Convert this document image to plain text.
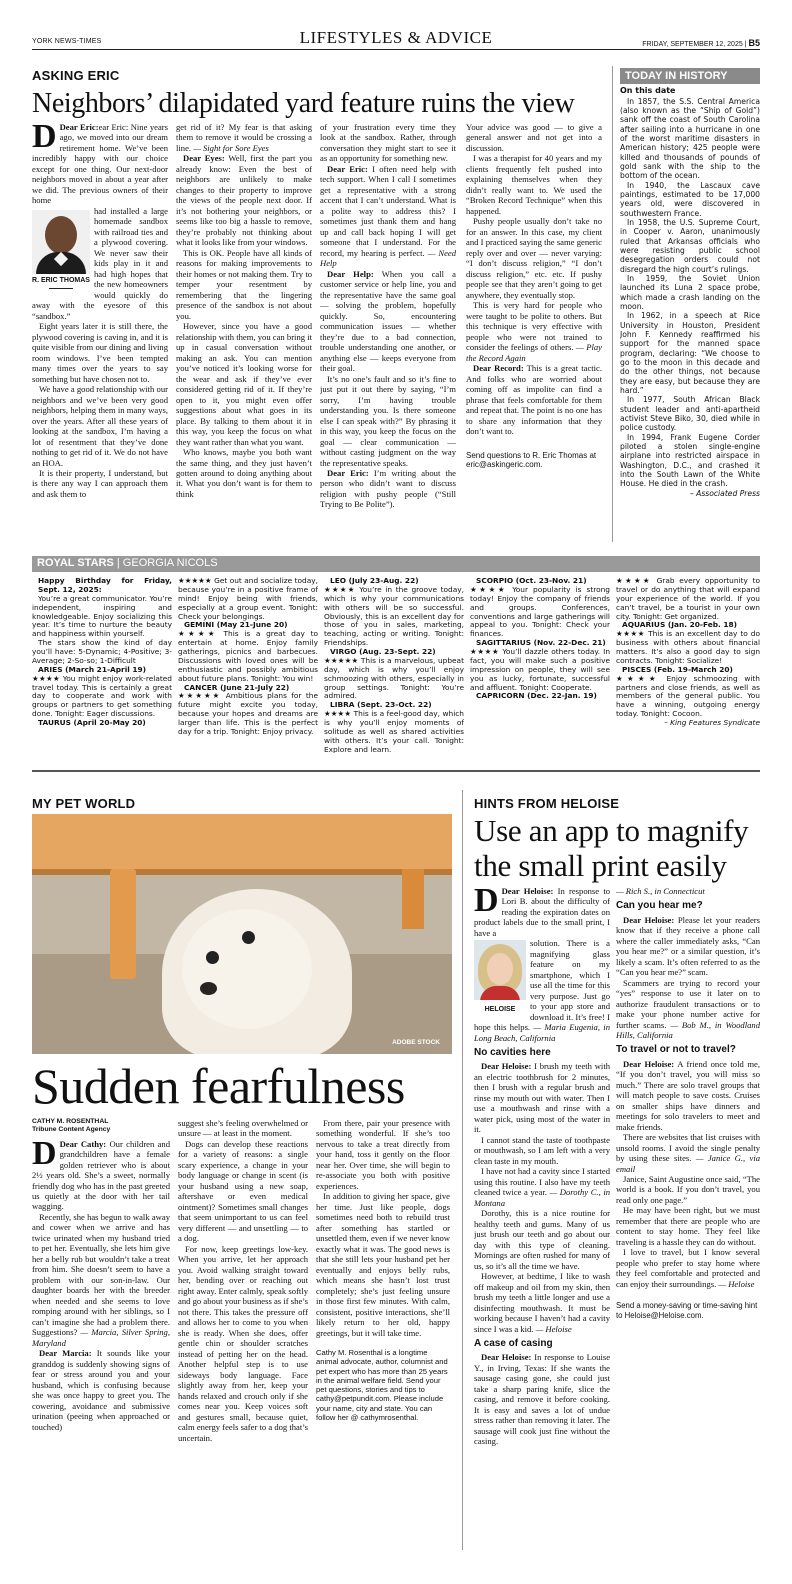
YORK NEWS-TIMES	LIFESTYLES & ADVICE	FRIDAY, SEPTEMBER 12, 2025 | B5
ASKING ERIC
Neighbors’ dilapidated yard feature ruins the view

D Dear Eric:ear Eric: Nine years ago, we moved into our dream retirement home. We’ve been incredibly happy with our choice except for one thing. Our next-door neighbors moved in about a year after we did. The previous owners of their home

R. ERIC THOMAS

had installed a large homemade sandbox with railroad ties and a plywood covering. We never saw their kids play in it and had high hopes that the new homeowners would quickly do away with the eyesore of this “sandbox.”

Eight years later it is still there, the plywood covering is caving in, and it is quite visible from our dining and living room windows. I’ve been tempted many times over the years to say something but have chosen not to.

We have a good relationship with our neighbors and we’ve been very good neighbors, helping them in many ways, over the years. After all these years of looking at the sandbox, I’m having a lot of resentment that they’ve done nothing to get rid of it. We do not have an HOA.

It is their property, I understand, but is there any way I can approach them and ask them to

get rid of it? My fear is that asking them to remove it would be crossing a line. — Sight for Sore Eyes

Dear Eyes: Well, first the part you already know: Even the best of neighbors are unlikely to make changes to their property to improve the views of the people next door. If it’s not bothering your neighbors, or seems like too big a hassle to remove, they’re probably not thinking about what it looks like from your windows.

This is OK. People have all kinds of reasons for making improvements to their homes or not making them. Try to temper your resentment by remembering that the lingering presence of the sandbox is not about you.

However, since you have a good relationship with them, you can bring it up in casual conversation without making an ask. You can mention you’ve noticed it’s looking worse for the wear and ask if they’ve ever considered getting rid of it. If they’re open to it, you might even offer suggestions about what goes in its place. By talking to them about it in this way, you keep the focus on what they want rather than what you want.

Who knows, maybe you both want the same thing, and they just haven’t gotten around to doing anything about it. What you don’t want is for them to think

of your frustration every time they look at the sandbox. Rather, through conversation they might start to see it as an opportunity for something new.

Dear Eric: I often need help with tech support. When I call I sometimes get a representative with a strong accent that I can’t understand. What is a polite way to address this? I sometimes just thank them and hang up and call back hoping I will get someone that I understand. For the record, my hearing is perfect. — Need Help

Dear Help: When you call a customer service or help line, you and the representative have the same goal — solving the problem, hopefully quickly. So, encountering communication issues — whether they’re due to a bad connection, trouble understanding one another, or anything else — keeps everyone from their goal.

It’s no one’s fault and so it’s fine to just put it out there by saying, “I’m sorry, I’m having trouble understanding you. Is there someone else I can speak with?” By phrasing it in this way, you keep the focus on the goal — clear communication — without casting judgment on the way the representative speaks.

Dear Eric: I’m writing about the person who didn’t want to discuss religion with pushy people (“Still Trying to Be Polite”).

Your advice was good — to give a general answer and not get into a discussion.

I was a therapist for 40 years and my clients frequently felt pushed into explaining themselves when they didn’t really want to. We used the “Broken Record Technique” when this happened.

Pushy people usually don’t take no for an answer. In this case, my client and I practiced saying the same generic reply over and over — never varying: “I don’t discuss religion,” “I don’t discuss religion,” etc. etc. If pushy people see that they aren’t going to get anywhere, they eventually stop.

This is very hard for people who were taught to be polite to others. But this technique is very effective with people who were not trained to consider the feelings of others. — Play the Record Again

Dear Record: This is a great tactic. And folks who are worried about coming off as impolite can find a phrase that feels comfortable for them and repeat that. The point is no one has to share any information that they don’t want to.

Send questions to R. Eric Thomas at eric@askingeric.com.

TODAY IN HISTORY
On this date

In 1857, the S.S. Central America (also known as the “Ship of Gold”) sank off the coast of South Carolina after sailing into a hurricane in one of the worst maritime disasters in American history; 425 people were killed and thousands of pounds of gold sank with the ship to the bottom of the ocean.

In 1940, the Lascaux cave paintings, estimated to be 17,000 years old, were discovered in southwestern France.

In 1958, the U.S. Supreme Court, in Cooper v. Aaron, unanimously ruled that Arkansas officials who were resisting public school desegregation orders could not disregard the high court’s rulings.

In 1959, the Soviet Union launched its Luna 2 space probe, which made a crash landing on the moon.

In 1962, in a speech at Rice University in Houston, President John F. Kennedy reaffirmed his support for the manned space program, declaring: “We choose to go to the moon in this decade and do the other things, not because they are easy, but because they are hard.”

In 1977, South African Black student leader and anti-apartheid activist Steve Biko, 30, died while in police custody.

In 1994, Frank Eugene Corder piloted a stolen single-engine airplane into restricted airspace in Washington, D.C., and crashed it into the South Lawn of the White House. He died in the crash.

– Associated Press
ROYAL STARS | GEORGIA NICOLS

Happy Birthday for Friday, Sept. 12, 2025:

You’re a great communicator. You’re independent, inspiring and knowledgeable. Enjoy socializing this year. It’s time to nurture the beauty and happiness within yourself.

The stars show the kind of day you’ll have: 5-Dynamic; 4-Positive; 3-Average; 2-So-so; 1-Difficult

ARIES (March 21-April 19)

★★★★ You might enjoy work-related travel today. This is certainly a great day to cooperate and work with groups or partners to get something done. Tonight: Eager discussions.

TAURUS (April 20-May 20)

★★★★★ Get out and socialize today, because you’re in a positive frame of mind! Enjoy being with friends, especially at a group event. Tonight: Check your belongings.

GEMINI (May 21-June 20)

★★★★ This is a great day to entertain at home. Enjoy family gatherings, picnics and barbecues. Discussions with loved ones will be enthusiastic and possibly ambitious about future plans. Tonight: You win!

CANCER (June 21-July 22)

★★★★★ Ambitious plans for the future might excite you today, because your hopes and dreams are larger than life. This is the perfect day for a trip. Tonight: Enjoy privacy.

LEO (July 23-Aug. 22)

★★★★ You’re in the groove today, which is why your communications with others will be so successful. Obviously, this is an excellent day for those of you in sales, marketing, teaching, acting or writing. Tonight: Friendships.

VIRGO (Aug. 23-Sept. 22)

★★★★★ This is a marvelous, upbeat day, which is why you’ll enjoy schmoozing with others, especially in group settings. Tonight: You’re admired.

LIBRA (Sept. 23-Oct. 22)

★★★★ This is a feel-good day, which is why you’ll enjoy moments of solitude as well as shared activities with others. It’s your call. Tonight: Explore and learn.

SCORPIO (Oct. 23-Nov. 21)

★★★★ Your popularity is strong today! Enjoy the company of friends and groups. Conferences, conventions and large gatherings will appeal to you. Tonight: Check your finances.

SAGITTARIUS (Nov. 22-Dec. 21)

★★★★ You’ll dazzle others today. In fact, you will make such a positive impression on people, they will see you as lucky, fortunate, successful and affluent. Tonight: Cooperate.

CAPRICORN (Dec. 22-Jan. 19)

★★★★ Grab every opportunity to travel or do anything that will expand your experience of the world. If you can’t travel, be a tourist in your own city. Tonight: Get organized.

AQUARIUS (Jan. 20-Feb. 18)

★★★★ This is an excellent day to do business with others about financial matters. It’s also a good day to sign contracts. Tonight: Socialize!

PISCES (Feb. 19-March 20)

★★★★ Enjoy schmoozing with partners and close friends, as well as members of the general public. You have a winning, outgoing energy today. Tonight: Cocoon.

– King Features Syndicate

MY PET WORLD
ADOBE STOCK
Sudden fearfulness

CATHY M. ROSENTHAL

Tribune Content Agency

D Dear Cathy: Our children and grandchildren have a female golden retriever who is about 2½ years old. She’s a sweet, normally friendly dog who has in the past greeted us quietly at the door with her tail wagging.

Recently, she has begun to walk away and cower when we arrive and has twice urinated when my husband tried to pet her. Eventually, she lets him give her a belly rub but wouldn’t take a treat from him. She doesn’t seem to have a problem with our son-in-law. Our daughter boards her with the breeder when needed and she seems to love romping around with her siblings, so I can’t imagine she had a problem there. Suggestions? — Marcia, Silver Spring, Maryland

Dear Marcia: It sounds like your granddog is suddenly showing signs of fear or stress around you and your husband, which is confusing because she was once happy to greet you. The cowering, avoidance and submissive urination (peeing when approached or touched)

suggest she’s feeling overwhelmed or unsure — at least in the moment.

Dogs can develop these reactions for a variety of reasons: a single scary experience, a change in your body language or change in scent (is your husband using a new soap, aftershave or even medical ointment)? Sometimes small changes that seem unimportant to us can feel very different — and unsettling — to a dog.

For now, keep greetings low-key. When you arrive, let her approach you. Avoid walking straight toward her, bending over or reaching out right away. Enter calmly, speak softly and go about your business as if she’s not there. This takes the pressure off and allows her to come to you when she is ready. When she does, offer gentle chin or shoulder scratches instead of petting her on the head. Another helpful step is to use sideways body language. Face slightly away from her, keep your hands relaxed and crouch only if she comes near you. Keep voices soft and gestures small, because quiet, calm energy feels safer to a dog that’s uncertain.

From there, pair your presence with something wonderful. If she’s too nervous to take a treat directly from your hand, toss it gently on the floor near her. Over time, she will begin to re-associate you both with positive experiences.

In addition to giving her space, give her time. Just like people, dogs sometimes need both to rebuild trust after something has startled or unsettled them, even if we never know exactly what it was. The good news is that she still lets your husband pet her eventually and enjoys belly rubs, which means she hasn’t lost trust completely; she’s just feeling unsure in those first few minutes. With calm, consistent, positive interactions, she’ll likely return to her old, happy greetings, but it will take time.

Cathy M. Rosenthal is a longtime animal advocate, author, columnist and pet expert who has more than 25 years in the animal welfare field. Send your pet questions, stories and tips to cathy@petpundit.com. Please include your name, city and state. You can follow her @ cathymrosenthal.

HINTS FROM HELOISE
Use an app to magnify the small print easily

D Dear Heloise: In response to Lori B. about the difficulty of reading the expiration dates on product labels due to the small print, I have a

HELOISE

solution. There is a magnifying glass feature on my smartphone, which I use all the time for this very purpose. Just go to your app store and download it. It’s free! I hope this helps. — Maria Eugenia, in Long Beach, California

No cavities here

Dear Heloise: I brush my teeth with an electric toothbrush for 2 minutes, then I brush with a regular brush and rinse my mouth out with water. Then I use a mouthwash and rinse with a water pick, using most of the water in it.

I cannot stand the taste of toothpaste or mouthwash, so I am left with a very clean taste in my mouth.

I have not had a cavity since I started using this routine. I also have my teeth cleaned twice a year. — Dorothy C., in Montana

Dorothy, this is a nice routine for healthy teeth and gums. Many of us just brush our teeth and go about our day with this type of cleaning. Mornings are often rushed for many of us, so it’s all the time we have.

However, at bedtime, I like to wash off makeup and oil from my skin, then brush my teeth a little longer and use a disinfecting mouthwash. It must be working because I haven’t had a cavity since I was a kid. — Heloise

A case of casing

Dear Heloise: In response to Louise Y., in Irving, Texas: If she wants the sausage casing gone, she could just take a sharp paring knife, slice the casing, and remove it before cooking. It is easy and saves a lot of undue stress rather than removing it later. The sausage will cook just fine without the casing.

— Rich S., in Connecticut

Can you hear me?

Dear Heloise: Please let your readers know that if they receive a phone call where the caller immediately asks, “Can you hear me?” or a similar question, it’s likely a scam. It’s often referred to as the “Can you hear me?” scam.

Scammers are trying to record your “yes” response to use it later on to authorize fraudulent transactions or to make your phone number active for further scams. — Bob M., in Woodland Hills, California

To travel or not to travel?

Dear Heloise: A friend once told me, “If you don’t travel, you will miss so much.” There are solo travel groups that will match people to save costs. Cruises on smaller ships have dinners and meetings for solo travelers to meet and make friends.

There are websites that list cruises with unsold rooms. I avoid the single penalty by using these sites. — Janice G., via email

Janice, Saint Augustine once said, “The world is a book. If you don’t travel, you read only one page.”

He may have been right, but we must remember that there are people who are content to stay home. They feel like traveling is a hassle they can do without.

I love to travel, but I know several people who prefer to stay home where they feel comfortable and protected and can enjoy their surroundings. — Heloise

Send a money-saving or time-saving hint to Heloise@Heloise.com.
